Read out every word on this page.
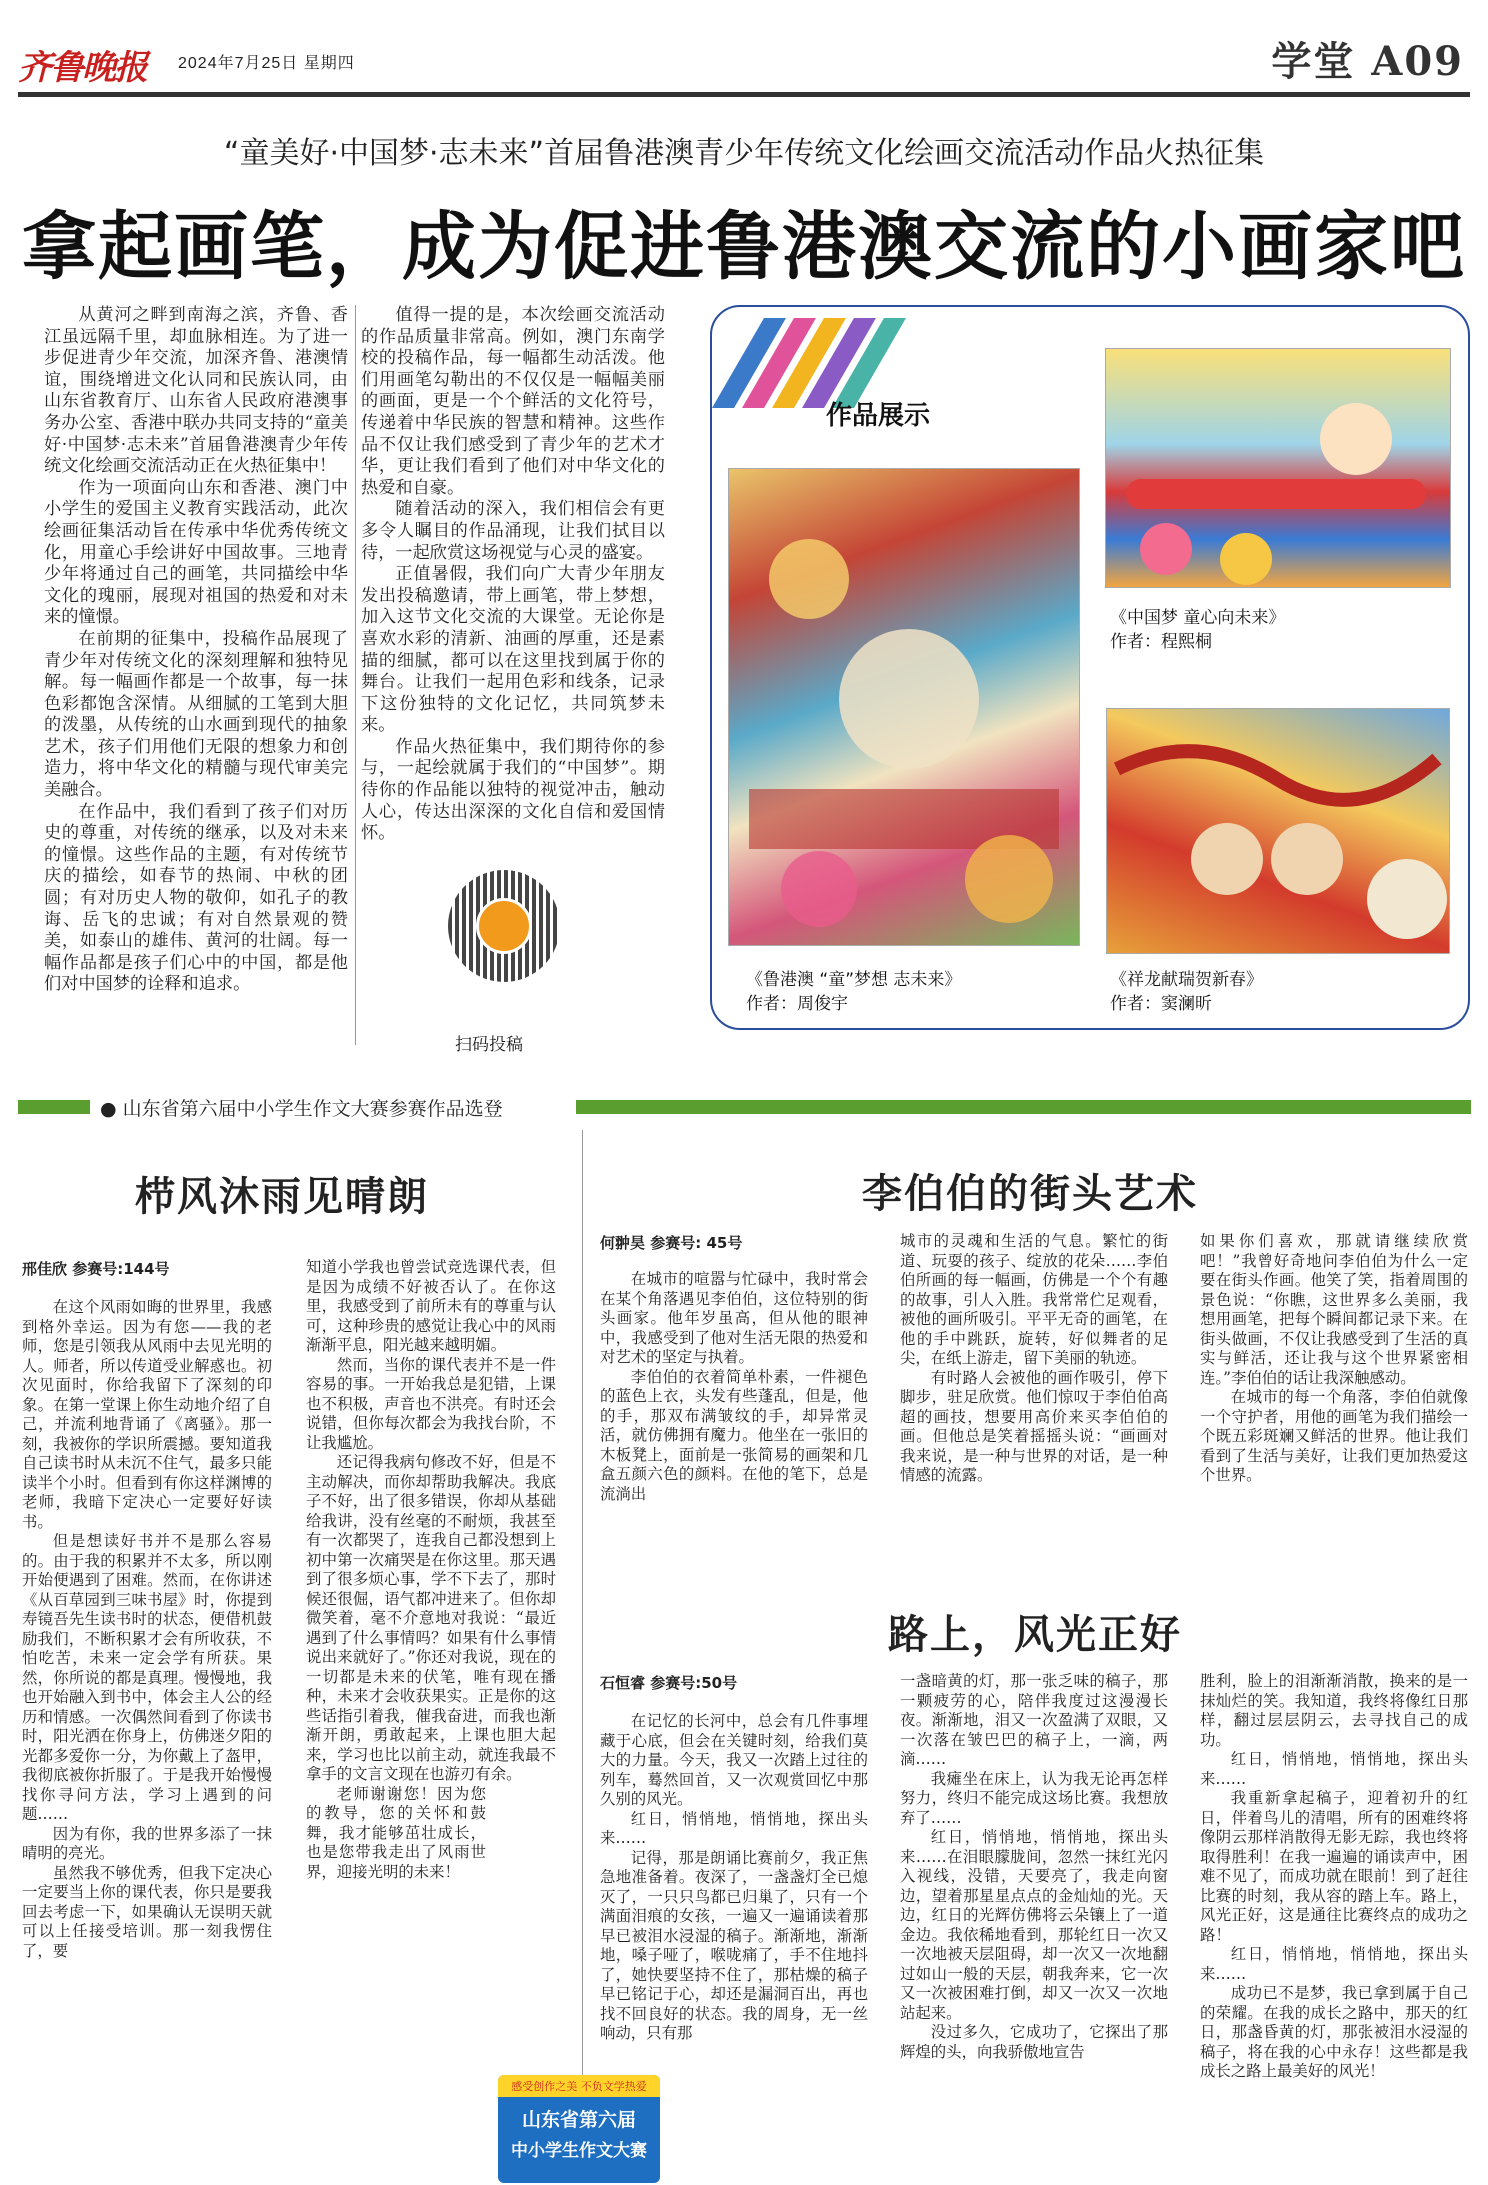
齐鲁晚报 2024年7月25日 星期四	学堂 A09
“童美好·中国梦·志未来”首届鲁港澳青少年传统文化绘画交流活动作品火热征集
拿起画笔，成为促进鲁港澳交流的小画家吧

从黄河之畔到南海之滨，齐鲁、香江虽远隔千里，却血脉相连。为了进一步促进青少年交流，加深齐鲁、港澳情谊，围绕增进文化认同和民族认同，由山东省教育厅、山东省人民政府港澳事务办公室、香港中联办共同支持的“童美好·中国梦·志未来”首届鲁港澳青少年传统文化绘画交流活动正在火热征集中！

作为一项面向山东和香港、澳门中小学生的爱国主义教育实践活动，此次绘画征集活动旨在传承中华优秀传统文化，用童心手绘讲好中国故事。三地青少年将通过自己的画笔，共同描绘中华文化的瑰丽，展现对祖国的热爱和对未来的憧憬。

在前期的征集中，投稿作品展现了青少年对传统文化的深刻理解和独特见解。每一幅画作都是一个故事，每一抹色彩都饱含深情。从细腻的工笔到大胆的泼墨，从传统的山水画到现代的抽象艺术，孩子们用他们无限的想象力和创造力，将中华文化的精髓与现代审美完美融合。

在作品中，我们看到了孩子们对历史的尊重，对传统的继承，以及对未来的憧憬。这些作品的主题，有对传统节庆的描绘，如春节的热闹、中秋的团圆；有对历史人物的敬仰，如孔子的教诲、岳飞的忠诚；有对自然景观的赞美，如泰山的雄伟、黄河的壮阔。每一幅作品都是孩子们心中的中国，都是他们对中国梦的诠释和追求。

值得一提的是，本次绘画交流活动的作品质量非常高。例如，澳门东南学校的投稿作品，每一幅都生动活泼。他们用画笔勾勒出的不仅仅是一幅幅美丽的画面，更是一个个鲜活的文化符号，传递着中华民族的智慧和精神。这些作品不仅让我们感受到了青少年的艺术才华，更让我们看到了他们对中华文化的热爱和自豪。

随着活动的深入，我们相信会有更多令人瞩目的作品涌现，让我们拭目以待，一起欣赏这场视觉与心灵的盛宴。

正值暑假，我们向广大青少年朋友发出投稿邀请，带上画笔，带上梦想，加入这节文化交流的大课堂。无论你是喜欢水彩的清新、油画的厚重，还是素描的细腻，都可以在这里找到属于你的舞台。让我们一起用色彩和线条，记录下这份独特的文化记忆，共同筑梦未来。

作品火热征集中，我们期待你的参与，一起绘就属于我们的“中国梦”。期待你的作品能以独特的视觉冲击，触动人心，传达出深深的文化自信和爱国情怀。

扫码投稿
作品展示
《鲁港澳 “童”梦想 志未来》
作者：周俊宇
《中国梦 童心向未来》
作者：程熙桐
《祥龙献瑞贺新春》
作者：窦澜昕
● 山东省第六届中小学生作文大赛参赛作品选登
栉风沐雨见晴朗
邢佳欣 参赛号:144号

在这个风雨如晦的世界里，我感到格外幸运。因为有您——我的老师，您是引领我从风雨中去见光明的人。师者，所以传道受业解惑也。初次见面时，你给我留下了深刻的印象。在第一堂课上你生动地介绍了自己，并流利地背诵了《离骚》。那一刻，我被你的学识所震撼。要知道我自己读书时从未沉不住气，最多只能读半个小时。但看到有你这样渊博的老师，我暗下定决心一定要好好读书。

但是想读好书并不是那么容易的。由于我的积累并不太多，所以刚开始便遇到了困难。然而，在你讲述《从百草园到三味书屋》时，你提到寿镜吾先生读书时的状态，便借机鼓励我们，不断积累才会有所收获，不怕吃苦，未来一定会学有所获。果然，你所说的都是真理。慢慢地，我也开始融入到书中，体会主人公的经历和情感。一次偶然间看到了你读书时，阳光洒在你身上，仿佛迷夕阳的光都多爱你一分，为你戴上了盔甲，我彻底被你折服了。于是我开始慢慢找你寻问方法，学习上遇到的问题……

因为有你，我的世界多添了一抹晴明的亮光。

虽然我不够优秀，但我下定决心一定要当上你的课代表，你只是要我回去考虑一下，如果确认无误明天就可以上任接受培训。那一刻我愣住了，要

知道小学我也曾尝试竞选课代表，但是因为成绩不好被否认了。在你这里，我感受到了前所未有的尊重与认可，这种珍贵的感觉让我心中的风雨渐渐平息，阳光越来越明媚。

然而，当你的课代表并不是一件容易的事。一开始我总是犯错，上课也不积极，声音也不洪亮。有时还会说错，但你每次都会为我找台阶，不让我尴尬。

还记得我病句修改不好，但是不主动解决，而你却帮助我解决。我底子不好，出了很多错误，你却从基础给我讲，没有丝毫的不耐烦，我甚至有一次都哭了，连我自己都没想到上初中第一次痛哭是在你这里。那天遇到了很多烦心事，学不下去了，那时候还很倔，语气都冲进来了。但你却微笑着，毫不介意地对我说：“最近遇到了什么事情吗？如果有什么事情说出来就好了。”你还对我说，现在的一切都是未来的伏笔，唯有现在播种，未来才会收获果实。正是你的这些话指引着我，催我奋进，而我也渐渐开朗，勇敢起来，上课也胆大起来，学习也比以前主动，就连我最不拿手的文言文现在也游刃有余。

老师谢谢您！因为您的教导，您的关怀和鼓舞，我才能够茁壮成长，也是您带我走出了风雨世界，迎接光明的未来！

感受创作之美 不负文学热爱
山东省第六届
中小学生作文大赛
李伯伯的街头艺术
何翀昊 参赛号: 45号

在城市的喧嚣与忙碌中，我时常会在某个角落遇见李伯伯，这位特别的街头画家。他年岁虽高，但从他的眼神中，我感受到了他对生活无限的热爱和对艺术的坚定与执着。

李伯伯的衣着简单朴素，一件褪色的蓝色上衣，头发有些蓬乱，但是，他的手，那双布满皱纹的手，却异常灵活，就仿佛拥有魔力。他坐在一张旧的木板凳上，面前是一张简易的画架和几盒五颜六色的颜料。在他的笔下，总是流淌出

城市的灵魂和生活的气息。繁忙的街道、玩耍的孩子、绽放的花朵……李伯伯所画的每一幅画，仿佛是一个个有趣的故事，引人入胜。我常常伫足观看，被他的画所吸引。平平无奇的画笔，在他的手中跳跃，旋转，好似舞者的足尖，在纸上游走，留下美丽的轨迹。

有时路人会被他的画作吸引，停下脚步，驻足欣赏。他们惊叹于李伯伯高超的画技，想要用高价来买李伯伯的画。但他总是笑着摇摇头说：“画画对我来说，是一种与世界的对话，是一种情感的流露。

如果你们喜欢，那就请继续欣赏吧！”我曾好奇地问李伯伯为什么一定要在街头作画。他笑了笑，指着周围的景色说：“你瞧，这世界多么美丽，我想用画笔，把每个瞬间都记录下来。在街头做画，不仅让我感受到了生活的真实与鲜活，还让我与这个世界紧密相连。”李伯伯的话让我深触感动。

在城市的每一个角落，李伯伯就像一个守护者，用他的画笔为我们描绘一个既五彩斑斓又鲜活的世界。他让我们看到了生活与美好，让我们更加热爱这个世界。

路上，风光正好
石恒睿 参赛号:50号

在记忆的长河中，总会有几件事埋藏于心底，但会在关键时刻，给我们莫大的力量。今天，我又一次踏上过往的列车，蓦然回首，又一次观赏回忆中那久别的风光。

红日，悄悄地，悄悄地，探出头来……

记得，那是朗诵比赛前夕，我正焦急地准备着。夜深了，一盏盏灯全已熄灭了，一只只鸟都已归巢了，只有一个满面泪痕的女孩，一遍又一遍诵读着那早已被泪水浸湿的稿子。渐渐地，渐渐地，嗓子哑了，喉咙痛了，手不住地抖了，她快要坚持不住了，那枯燥的稿子早已铭记于心，却还是漏洞百出，再也找不回良好的状态。我的周身，无一丝响动，只有那

一盏暗黄的灯，那一张乏味的稿子，那一颗疲劳的心，陪伴我度过这漫漫长夜。渐渐地，泪又一次盈满了双眼，又一次落在皱巴巴的稿子上，一滴，两滴……

我瘫坐在床上，认为我无论再怎样努力，终归不能完成这场比赛。我想放弃了……

红日，悄悄地，悄悄地，探出头来……在泪眼朦胧间，忽然一抹红光闪入视线，没错，天要亮了，我走向窗边，望着那星星点点的金灿灿的光。天边，红日的光辉仿佛将云朵镶上了一道金边。我依稀地看到，那轮红日一次又一次地被天层阻碍，却一次又一次地翻过如山一般的天层，朝我奔来，它一次又一次被困难打倒，却又一次又一次地站起来。

没过多久，它成功了，它探出了那辉煌的头，向我骄傲地宣告

胜利，脸上的泪渐渐消散，换来的是一抹灿烂的笑。我知道，我终将像红日那样，翻过层层阴云，去寻找自己的成功。

红日，悄悄地，悄悄地，探出头来……

我重新拿起稿子，迎着初升的红日，伴着鸟儿的清唱，所有的困难终将像阴云那样消散得无影无踪，我也终将取得胜利！在我一遍遍的诵读声中，困难不见了，而成功就在眼前！到了赶往比赛的时刻，我从容的踏上车。路上，风光正好，这是通往比赛终点的成功之路！

红日，悄悄地，悄悄地，探出头来……

成功已不是梦，我已拿到属于自己的荣耀。在我的成长之路中，那天的红日，那盏昏黄的灯，那张被泪水浸湿的稿子，将在我的心中永存！这些都是我成长之路上最美好的风光！
